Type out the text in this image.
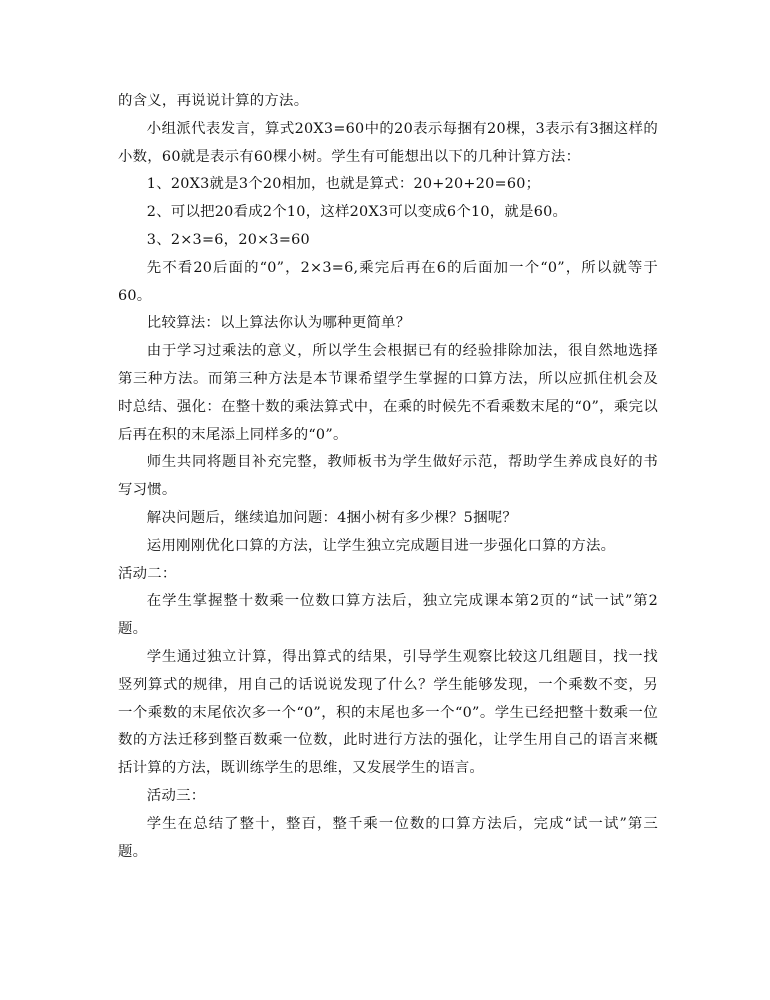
的含义，再说说计算的方法。

小组派代表发言，算式20X3=60中的20表示每捆有20棵，3表示有3捆这样的小数，60就是表示有60棵小树。学生有可能想出以下的几种计算方法：

1、20X3就是3个20相加，也就是算式：20+20+20=60；

2、可以把20看成2个10，这样20X3可以变成6个10，就是60。

3、2×3=6，20×3=60

先不看20后面的“0”，2×3=6,乘完后再在6的后面加一个“0”，所以就等于60。

比较算法：以上算法你认为哪种更简单？

由于学习过乘法的意义，所以学生会根据已有的经验排除加法，很自然地选择第三种方法。而第三种方法是本节课希望学生掌握的口算方法，所以应抓住机会及时总结、强化：在整十数的乘法算式中，在乘的时候先不看乘数末尾的“0”，乘完以后再在积的末尾添上同样多的“0”。

师生共同将题目补充完整，教师板书为学生做好示范，帮助学生养成良好的书写习惯。

解决问题后，继续追加问题：4捆小树有多少棵？5捆呢？

运用刚刚优化口算的方法，让学生独立完成题目进一步强化口算的方法。

活动二：

在学生掌握整十数乘一位数口算方法后，独立完成课本第2页的“试一试”第2题。

学生通过独立计算，得出算式的结果，引导学生观察比较这几组题目，找一找竖列算式的规律，用自己的话说说发现了什么？学生能够发现，一个乘数不变，另一个乘数的末尾依次多一个“0”，积的末尾也多一个“0”。学生已经把整十数乘一位数的方法迁移到整百数乘一位数，此时进行方法的强化，让学生用自己的语言来概括计算的方法，既训练学生的思维，又发展学生的语言。

活动三：

学生在总结了整十，整百，整千乘一位数的口算方法后，完成“试一试”第三题。
